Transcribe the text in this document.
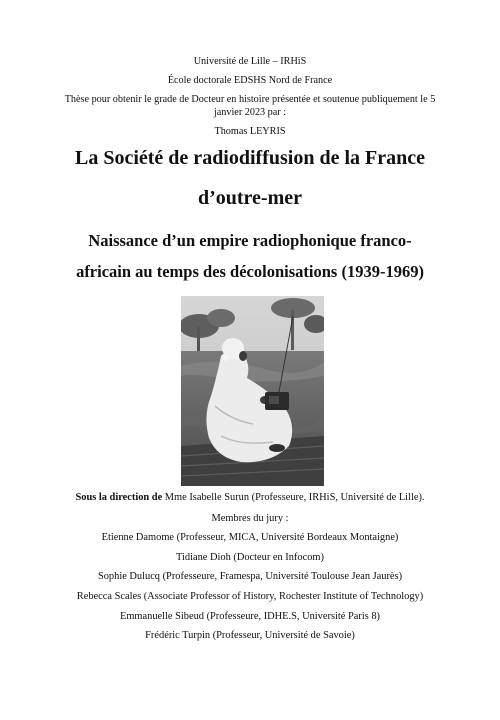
Université de Lille – IRHiS

École doctorale EDSHS Nord de France

Thèse pour obtenir le grade de Docteur en histoire présentée et soutenue publiquement le 5

janvier 2023 par :

Thomas LEYRIS

La Société de radiodiffusion de la France

d’outre-mer

Naissance d’un empire radiophonique franco-

africain au temps des décolonisations (1939-1969)

Sous la direction de Mme Isabelle Surun (Professeure, IRHiS, Université de Lille).

Membres du jury :

Etienne Damome (Professeur, MICA, Université Bordeaux Montaigne)

Tidiane Dioh (Docteur en Infocom)

Sophie Dulucq (Professeure, Framespa, Université Toulouse Jean Jaurès)

Rebecca Scales (Associate Professor of History, Rochester Institute of Technology)

Emmanuelle Sibeud (Professeure, IDHE.S, Université Paris 8)

Frédéric Turpin (Professeur, Université de Savoie)
